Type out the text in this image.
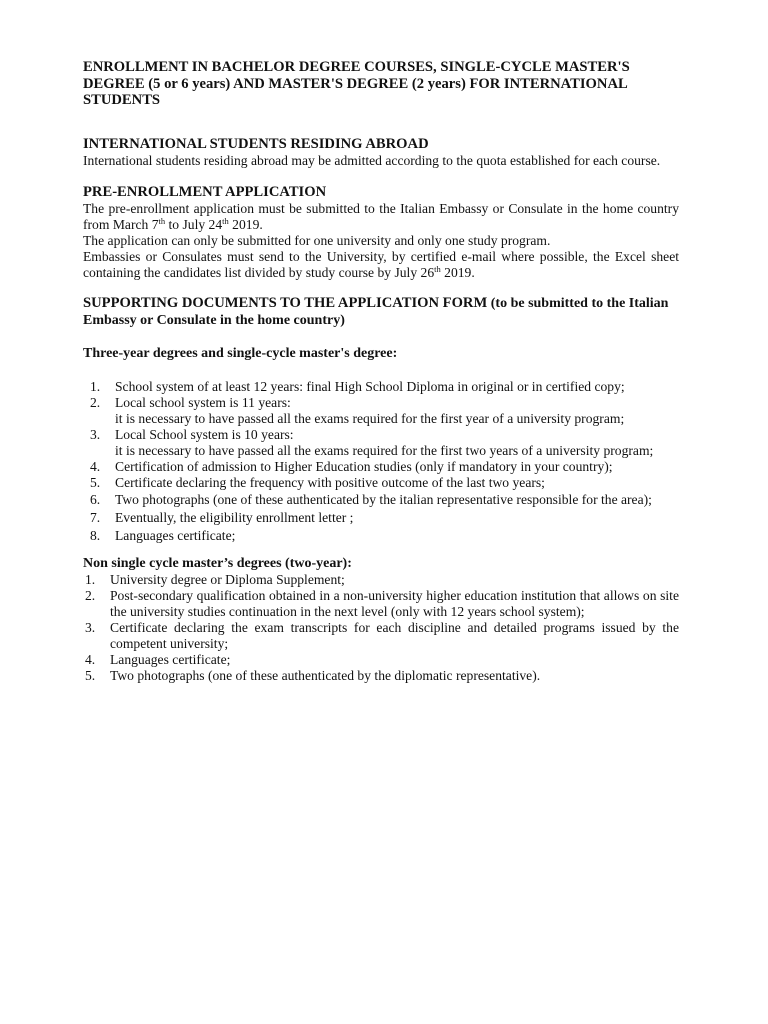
ENROLLMENT IN BACHELOR DEGREE COURSES, SINGLE-CYCLE MASTER'S DEGREE (5 or 6 years) AND MASTER'S DEGREE (2 years) FOR INTERNATIONAL STUDENTS

INTERNATIONAL STUDENTS RESIDING ABROAD

International students residing abroad may be admitted according to the quota established for each course.

PRE-ENROLLMENT APPLICATION

The pre-enrollment application must be submitted to the Italian Embassy or Consulate in the home country from March 7th to July 24th 2019.

The application can only be submitted for one university and only one study program.

Embassies or Consulates must send to the University, by certified e-mail where possible, the Excel sheet containing the candidates list divided by study course by July 26th 2019.

SUPPORTING DOCUMENTS TO THE APPLICATION FORM (to be submitted to the Italian Embassy or Consulate in the home country)

Three-year degrees and single-cycle master's degree:

1. School system of at least 12 years: final High School Diploma in original or in certified copy;
2. Local school system is 11 years:
it is necessary to have passed all the exams required for the first year of a university program;
3. Local School system is 10 years:
it is necessary to have passed all the exams required for the first two years of a university program;
4. Certification of admission to Higher Education studies (only if mandatory in your country);
5. Certificate declaring the frequency with positive outcome of the last two years;
6. Two photographs (one of these authenticated by the italian representative responsible for the area);
7. Eventually, the eligibility enrollment letter ;
8. Languages certificate;

Non single cycle master’s degrees (two-year):

1. University degree or Diploma Supplement;
2. Post-secondary qualification obtained in a non-university higher education institution that allows on site the university studies continuation in the next level (only with 12 years school system);
3. Certificate declaring the exam transcripts for each discipline and detailed programs issued by the competent university;
4. Languages certificate;
5. Two photographs (one of these authenticated by the diplomatic representative).
